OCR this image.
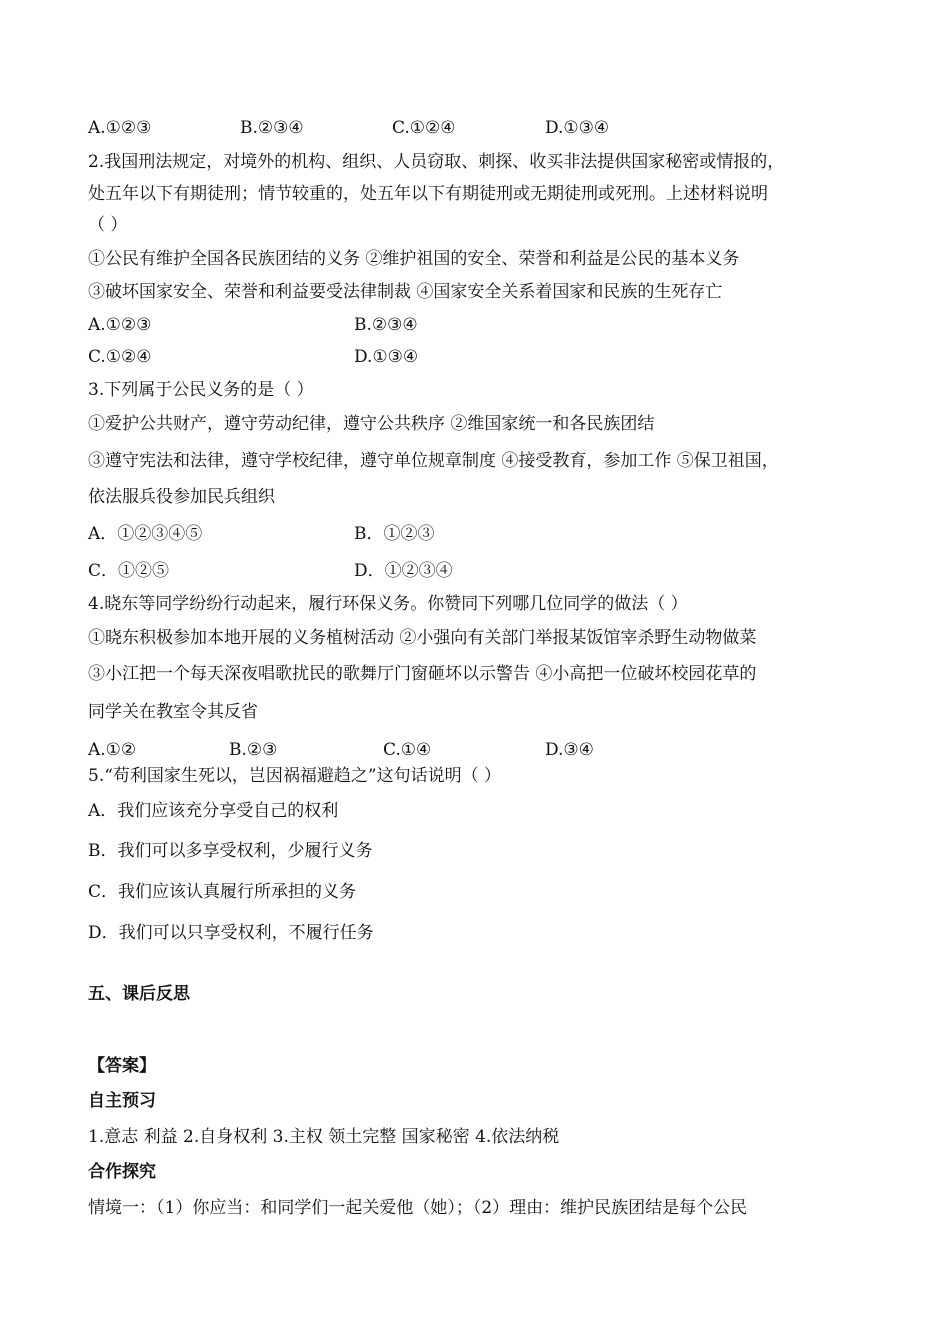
A.①②③	B.②③④	C.①②④	D.①③④

2.我国刑法规定，对境外的机构、组织、人员窃取、刺探、收买非法提供国家秘密或情报的，

处五年以下有期徒刑；情节较重的，处五年以下有期徒刑或无期徒刑或死刑。上述材料说明

（ ）

①公民有维护全国各民族团结的义务 ②维护祖国的安全、荣誉和利益是公民的基本义务

③破坏国家安全、荣誉和利益要受法律制裁 ④国家安全关系着国家和民族的生死存亡

A.①②③	B.②③④
C.①②④	D.①③④

3.下列属于公民义务的是（ ）

①爱护公共财产，遵守劳动纪律，遵守公共秩序 ②维国家统一和各民族团结

③遵守宪法和法律，遵守学校纪律，遵守单位规章制度 ④接受教育，参加工作 ⑤保卫祖国，

依法服兵役参加民兵组织

A．①②③④⑤	B．①②③
C．①②⑤	D．①②③④

4.晓东等同学纷纷行动起来，履行环保义务。你赞同下列哪几位同学的做法（ ）

①晓东积极参加本地开展的义务植树活动 ②小强向有关部门举报某饭馆宰杀野生动物做菜

③小江把一个每天深夜唱歌扰民的歌舞厅门窗砸坏以示警告 ④小高把一位破坏校园花草的

同学关在教室令其反省

A.①②	B.②③	C.①④	D.③④

5.“苟利国家生死以，岂因祸福避趋之”这句话说明（ ）

A．我们应该充分享受自己的权利
B．我们可以多享受权利，少履行义务
C．我们应该认真履行所承担的义务
D．我们可以只享受权利，不履行任务

五、课后反思

【答案】

自主预习

1.意志 利益 2.自身权利 3.主权 领土完整 国家秘密 4.依法纳税

合作探究

情境一：（1）你应当：和同学们一起关爱他（她）；（2）理由：维护民族团结是每个公民
